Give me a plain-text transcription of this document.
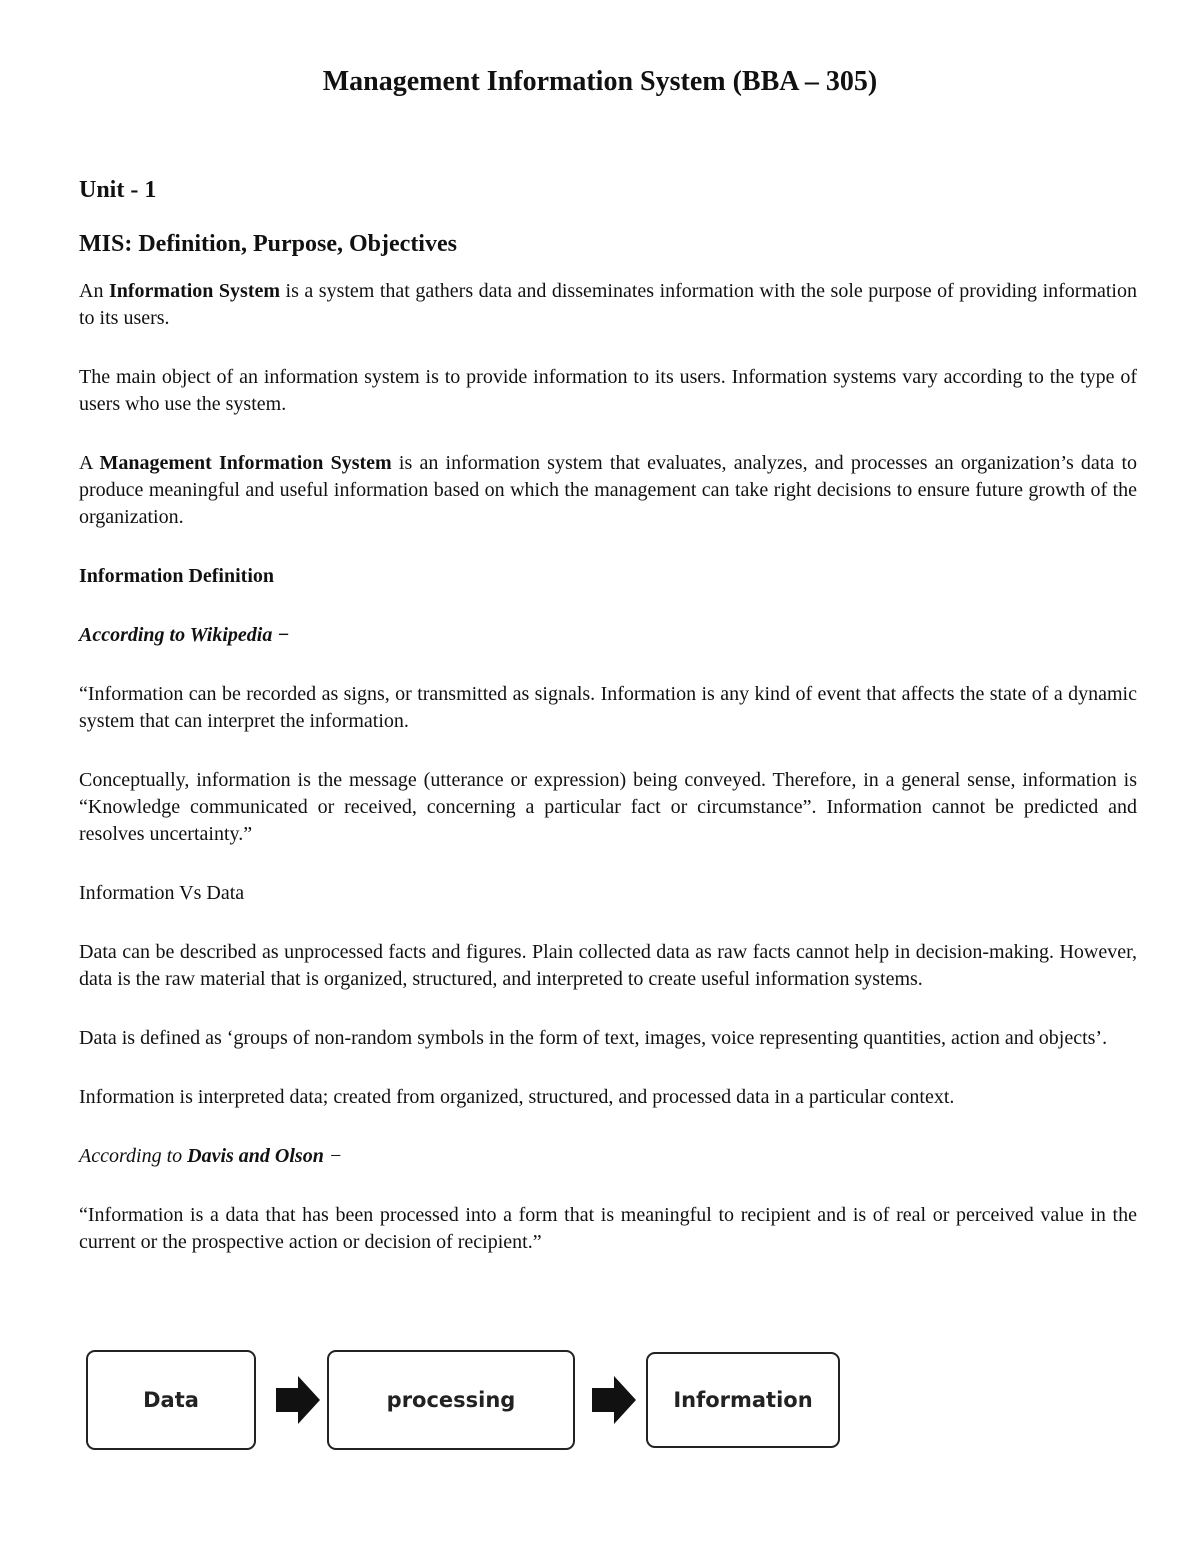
Management Information System (BBA – 305)
Unit - 1
MIS: Definition, Purpose, Objectives

An Information System is a system that gathers data and disseminates information with the sole purpose of providing information to its users.

The main object of an information system is to provide information to its users. Information systems vary according to the type of users who use the system.

A Management Information System is an information system that evaluates, analyzes, and processes an organization’s data to produce meaningful and useful information based on which the management can take right decisions to ensure future growth of the organization.

Information Definition

According to Wikipedia −

“Information can be recorded as signs, or transmitted as signals. Information is any kind of event that affects the state of a dynamic system that can interpret the information.

Conceptually, information is the message (utterance or expression) being conveyed. Therefore, in a general sense, information is “Knowledge communicated or received, concerning a particular fact or circumstance”. Information cannot be predicted and resolves uncertainty.”

Information Vs Data

Data can be described as unprocessed facts and figures. Plain collected data as raw facts cannot help in decision-making. However, data is the raw material that is organized, structured, and interpreted to create useful information systems.

Data is defined as ‘groups of non-random symbols in the form of text, images, voice representing quantities, action and objects’.

Information is interpreted data; created from organized, structured, and processed data in a particular context.

According to Davis and Olson −

“Information is a data that has been processed into a form that is meaningful to recipient and is of real or perceived value in the current or the prospective action or decision of recipient.”

Data	processing	Information
